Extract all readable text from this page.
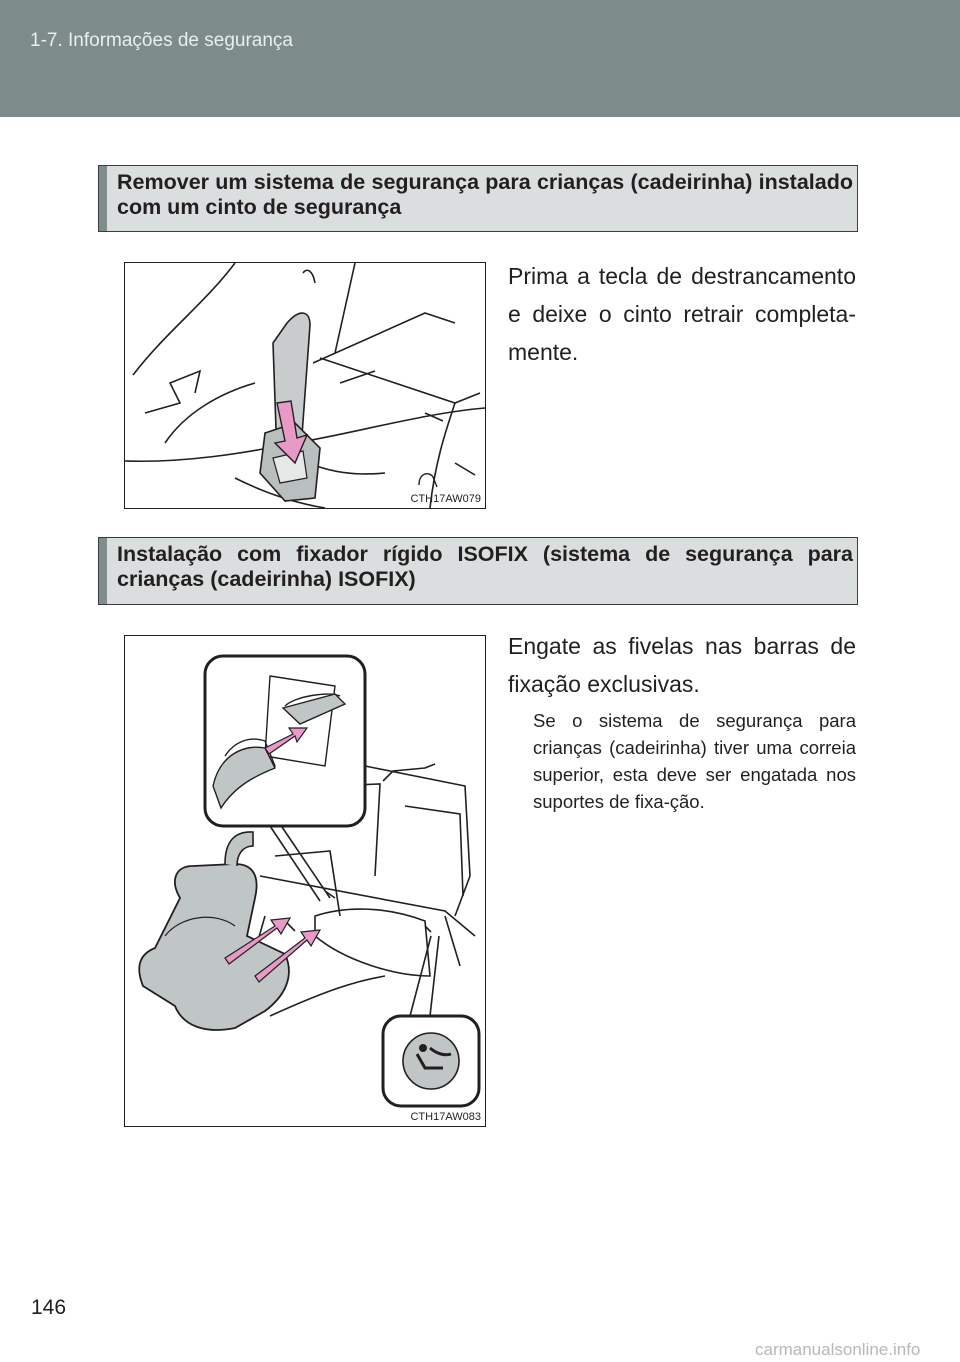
1-7. Informações de segurança
Remover um sistema de segurança para crianças (cadeirinha) instalado com um cinto de segurança
CTH17AW079
Prima a tecla de destrancamento e deixe o cinto retrair completa-mente.
Instalação com fixador rígido ISOFIX (sistema de segurança para crianças (cadeirinha) ISOFIX)
CTH17AW083
Engate as fivelas nas barras de fixação exclusivas.
Se o sistema de segurança para crianças (cadeirinha) tiver uma correia superior, esta deve ser engatada nos suportes de fixa-ção.
146
carmanualsonline.info
